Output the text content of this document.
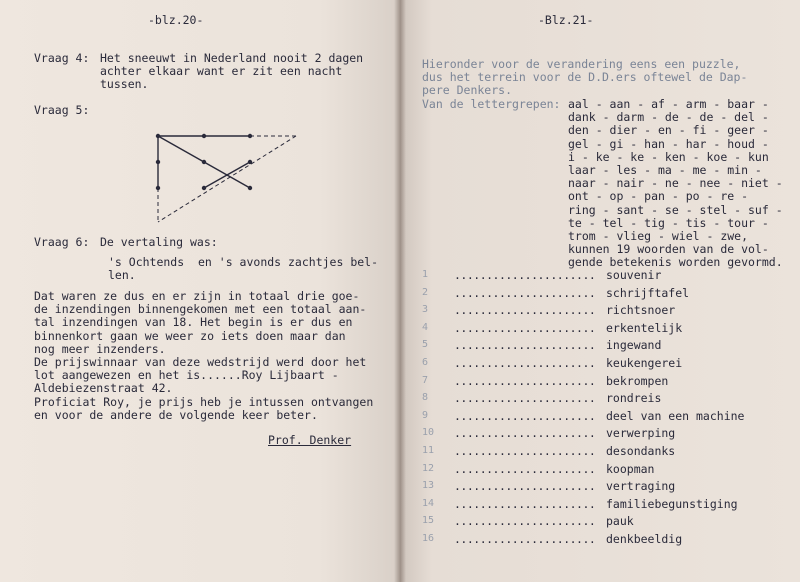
-blz.20-

Vraag 4: Het sneeuwt in Nederland nooit 2 dagen
achter elkaar want er zit een nacht
tussen.

Vraag 5:

Vraag 6: De vertaling was:

's Ochtends  en 's avonds zachtjes bel-
len.

Dat waren ze dus en er zijn in totaal drie goe-
de inzendingen binnengekomen met een totaal aan-
tal inzendingen van 18. Het begin is er dus en
binnenkort gaan we weer zo iets doen maar dan
nog meer inzenders.
De prijswinnaar van deze wedstrijd werd door het
lot aangewezen en het is......Roy Lijbaart -
Aldebiezenstraat 42.
Proficiat Roy, je prijs heb je intussen ontvangen
en voor de andere de volgende keer beter.

Prof. Denker

-Blz.21-

Hieronder voor de verandering eens een puzzle,
dus het terrein voor de D.D.ers oftewel de Dap-
pere Denkers.

Van de lettergrepen: aal - aan - af - arm - baar -
dank - darm - de - de - del -
den - dier - en - fi - geer -
gel - gi - han - har - houd -
i - ke - ke - ken - koe - kun
laar - les - ma - me - min -
naar - nair - ne - nee - niet -
ont - op - pan - po - re -
ring - sant - se - stel - suf -
te - tel - tig - tis - tour -
trom - vlieg - wiel - zwe,
kunnen 19 woorden van de vol-
gende betekenis worden gevormd.

1 ...................... souvenir
2 ...................... schrijftafel
3 ...................... richtsnoer
4 ...................... erkentelijk
5 ...................... ingewand
6 ...................... keukengerei
7 ...................... bekrompen
8 ...................... rondreis
9 ...................... deel van een machine
10 ...................... verwerping
11 ...................... desondanks
12 ...................... koopman
13 ...................... vertraging
14 ...................... familiebegunstiging
15 ...................... pauk
16 ...................... denkbeeldig
